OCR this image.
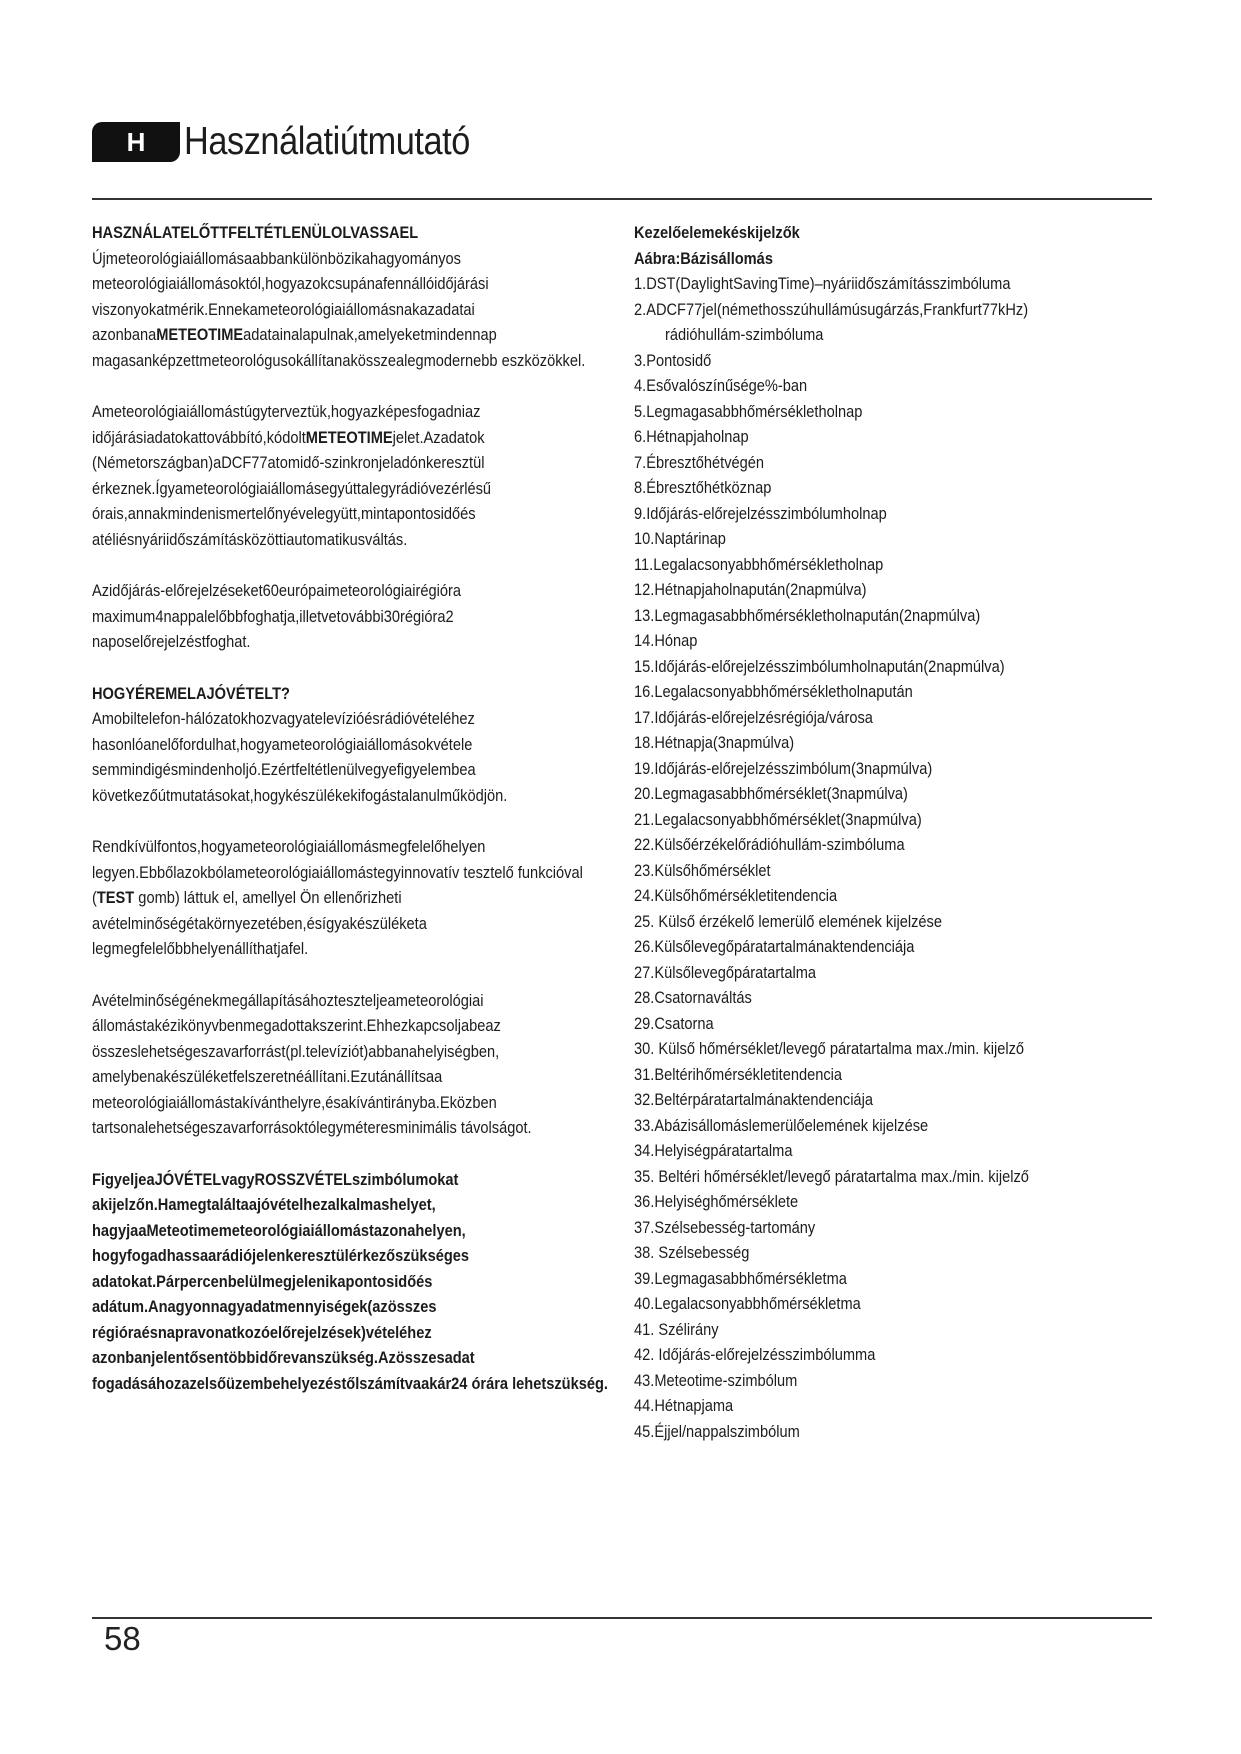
H Használatiútmutató

HASZNÁLATELŐTTFELTÉTLENÜLOLVASSAEL

Újmeteorológiaiállomásaabbankülönbözikahagyományos meteorológiaiállomásoktól,hogyazokcsupánafennállóidőjárási viszonyokatmérik.Ennekameteorológiaiállomásnakazadatai azonbanaMETEOTIMEadatainalapulnak,amelyeketmindennap magasanképzettmeteorológusokállítanakösszealegmodernebb eszközökkel.

Ameteorológiaiállomástúgyterveztük,hogyazképesfogadniaz időjárásiadatokattovábbító,kódoltMETEOTIMEjelet.Azadatok (Németországban)aDCF77atomidő-szinkronjeladónkeresztül érkeznek.Ígyameteorológiaiállomásegyúttalegyrádióvezérlésű órais,annakmindenismertelőnyévelegyütt,mintapontosidőés atéliésnyáriidőszámításközöttiautomatikusváltás.

Azidőjárás-előrejelzéseket60európaimeteorológiairégióra maximum4nappalelőbbfoghatja,illetvetovábbi30régióra2 naposelőrejelzéstfoghat.

HOGYÉREMELAJÓVÉTELT?

Amobiltelefon-hálózatokhozvagyatelevízióésrádióvételéhez hasonlóanelőfordulhat,hogyameteorológiaiállomásokvétele semmindigésmindenholjó.Ezértfeltétlenülvegyefigyelembea következőútmutatásokat,hogykészülékekifogástalanulműködjön.

Rendkívülfontos,hogyameteorológiaiállomásmegfelelőhelyen legyen.Ebbőlazokbólameteorológiaiállomástegyinnovatív tesztelő funkcióval (TEST gomb) láttuk el, amellyel Ön ellenőrizheti avételminőségétakörnyezetében,ésígyakészüléketa legmegfelelőbbhelyenállíthatjafel.

Avételminőségénekmegállapításáhozteszteljeameteorológiai állomástakézikönyvbenmegadottakszerint.Ehhezkapcsoljabeaz összeslehetségeszavarforrást(pl.televíziót)abbanahelyiségben, amelybenakészüléketfelszeretnéállítani.Ezutánállítsaa meteorológiaiállomástakívánthelyre,ésakívántirányba.Eközben tartsonalehetségeszavarforrásoktólegyméteresminimális távolságot.

FigyeljeaJÓVÉTELvagyROSSZVÉTELszimbólumokat akijelzőn.Hamegtaláltaajóvételhezalkalmashelyet, hagyjaaMeteotimemeteorológiaiállomástazonahelyen, hogyfogadhassaarádiójelenkeresztülérkezőszükséges adatokat.Párpercenbelülmegjelenikapontosidőés adátum.Anagyonnagyadatmennyiségek(azösszes régióraésnapravonatkozóelőrejelzések)vételéhez azonbanjelentősentöbbidőrevanszükség.Azösszesadat fogadásáhozazelsőüzembehelyezéstőlszámítvaakár24 órára lehetszükség.

Kezelőelemekéskijelzők

Aábra:Bázisállomás

1.DST(DaylightSavingTime)–nyáriidőszámításszimbóluma
2.ADCF77jel(némethosszúhullámúsugárzás,Frankfurt77kHz)
rádióhullám-szimbóluma
3.Pontosidő
4.Esővalószínűsége%-ban
5.Legmagasabbhőmérsékletholnap
6.Hétnapjaholnap
7.Ébresztőhétvégén
8.Ébresztőhétköznap
9.Időjárás-előrejelzésszimbólumholnap
10.Naptárinap
11.Legalacsonyabbhőmérsékletholnap
12.Hétnapjaholnapután(2napmúlva)
13.Legmagasabbhőmérsékletholnapután(2napmúlva)
14.Hónap
15.Időjárás-előrejelzésszimbólumholnapután(2napmúlva)
16.Legalacsonyabbhőmérsékletholnapután
17.Időjárás-előrejelzésrégiója/városa
18.Hétnapja(3napmúlva)
19.Időjárás-előrejelzésszimbólum(3napmúlva)
20.Legmagasabbhőmérséklet(3napmúlva)
21.Legalacsonyabbhőmérséklet(3napmúlva)
22.Külsőérzékelőrádióhullám-szimbóluma
23.Külsőhőmérséklet
24.Külsőhőmérsékletitendencia
25. Külső érzékelő lemerülő elemének kijelzése
26.Külsőlevegőpáratartalmánaktendenciája
27.Külsőlevegőpáratartalma
28.Csatornaváltás
29.Csatorna
30. Külső hőmérséklet/levegő páratartalma max./min. kijelző
31.Beltérihőmérsékletitendencia
32.Beltérpáratartalmánaktendenciája
33.Abázisállomáslemerülőelemének kijelzése
34.Helyiségpáratartalma
35. Beltéri hőmérséklet/levegő páratartalma max./min. kijelző
36.Helyiséghőmérséklete
37.Szélsebesség-tartomány
38. Szélsebesség
39.Legmagasabbhőmérsékletma
40.Legalacsonyabbhőmérsékletma
41. Szélirány
42. Időjárás-előrejelzésszimbólumma
43.Meteotime-szimbólum
44.Hétnapjama
45.Éjjel/nappalszimbólum
58
